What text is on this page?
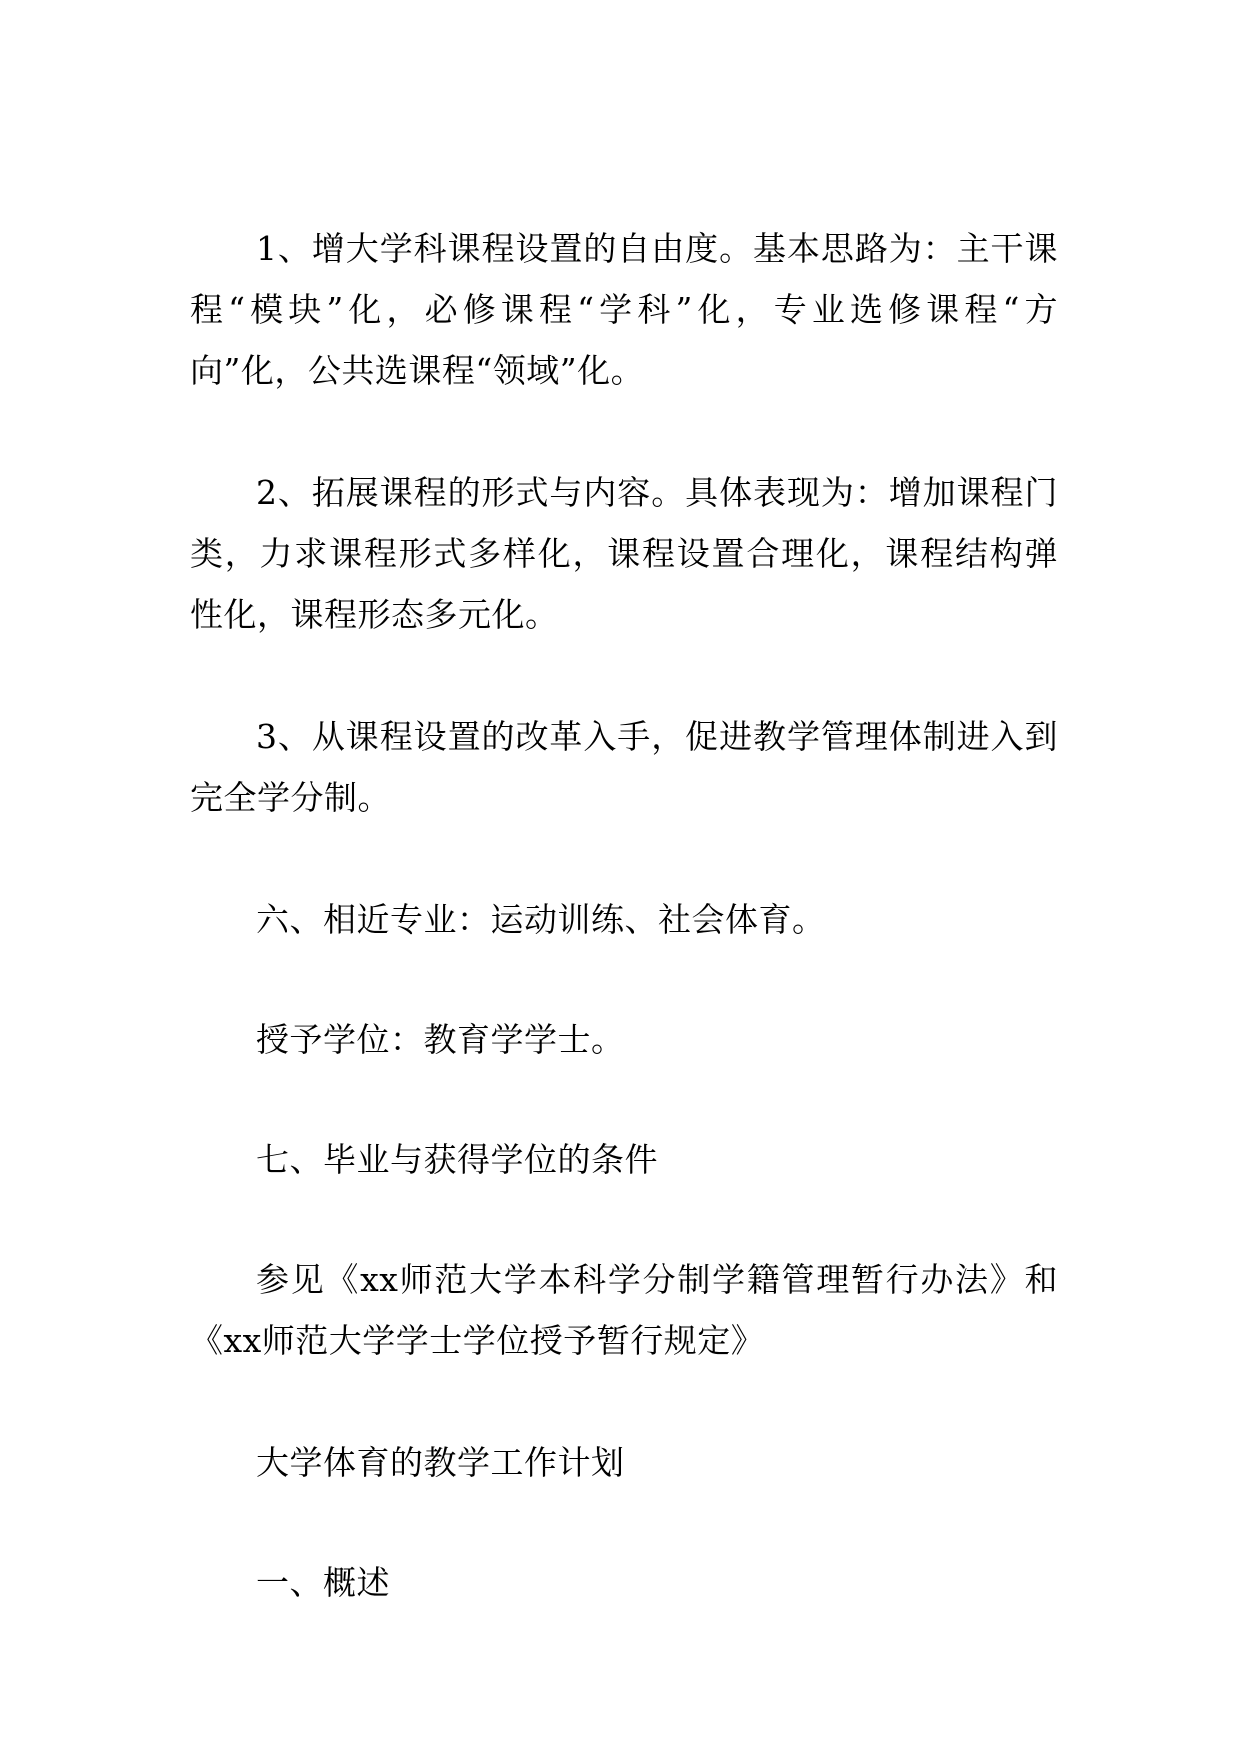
1、增大学科课程设置的自由度。基本思路为：主干课程“模块”化，必修课程“学科”化，专业选修课程“方向”化，公共选课程“领域”化。

2、拓展课程的形式与内容。具体表现为：增加课程门类，力求课程形式多样化，课程设置合理化，课程结构弹性化，课程形态多元化。

3、从课程设置的改革入手，促进教学管理体制进入到完全学分制。

六、相近专业：运动训练、社会体育。

授予学位：教育学学士。

七、毕业与获得学位的条件

参见《xx师范大学本科学分制学籍管理暂行办法》和《xx师范大学学士学位授予暂行规定》

大学体育的教学工作计划

一、概述
